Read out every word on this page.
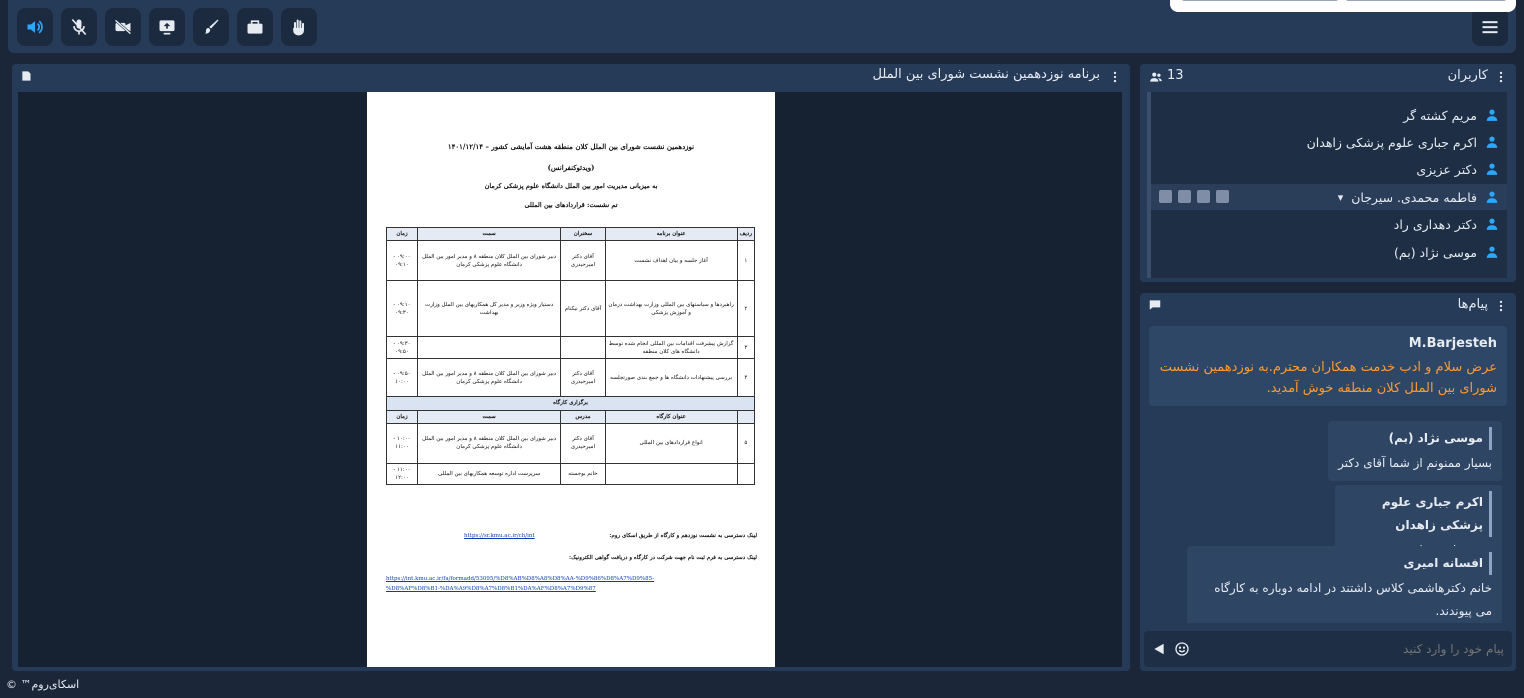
برنامه نوزدهمین نشست شورای بین الملل
نوزدهمین نشست شورای بین الملل کلان منطقه هشت آمایشی کشور – ۱۴۰۱/۱۲/۱۴
(ویدئوکنفرانس)
به میزبانی مدیریت امور بین الملل دانشگاه علوم پزشکی کرمان
تم نشست: قراردادهای بین المللی
ردیف	عنوان برنامه	سخنران	سمت	زمان
۱	آغاز جلسه و بیان اهداف نشست	آقای دکتر امیرحیدری	دبیر شورای بین الملل کلان منطقه ۸ و مدیر امور بین الملل دانشگاه علوم پزشکی کرمان	۰۹:۰۰ - ۰۹:۱۰
۲	راهبردها و سیاستهای بین المللی وزارت بهداشت درمان و آموزش پزشکی	آقای دکتر نیکنام	دستیار ویژه وزیر و مدیر کل همکاریهای بین الملل وزارت بهداشت	۰۹:۱۰ - ۰۹:۳۰
۳	گزارش پیشرفت اقدامات بین المللی انجام شده توسط دانشگاه های کلان منطقه			۰۹:۳۰ - ۰۹:۵۰
۴	بررسی پیشنهادات دانشگاه ها و جمع بندی صورتجلسه	آقای دکتر امیرحیدری	دبیر شورای بین الملل کلان منطقه ۸ و مدیر امور بین الملل دانشگاه علوم پزشکی کرمان	۰۹:۵۰ - ۱۰:۰۰
برگزاری کارگاه				
	عنوان کارگاه	مدرس	سمت	زمان
۵	انواع قراردادهای بین المللی	آقای دکتر امیرحیدری	دبیر شورای بین الملل کلان منطقه ۸ و مدیر امور بین الملل دانشگاه علوم پزشکی کرمان	۱۰:۰۰ - ۱۱:۰۰
		خانم بوجسته	سرپرست اداره توسعه همکاریهای بین المللی	۱۱:۰۰ - ۱۲:۰۰
لینک دسترسی به نشست نوزدهم و کارگاه از طریق اسکای روم:
https://sr.kmu.ac.ir/ch/int
لینک دسترسی به فرم ثبت نام جهت شرکت در کارگاه و دریافت گواهی الکترونیک:
https://int.kmu.ac.ir/fa/formadd/53095/%D8%AB%D8%A8%D8%AA-%D9%86%D8%A7%D9%85-
%D8%AF%D8%B1-%DA%A9%D8%A7%D8%B1%DA%AF%D8%A7%D9%87
13	کاربران
مریم کشته گر
اکرم جباری علوم پزشکی زاهدان
دکتر عزیزی
▾ فاطمه محمدی. سیرجان
دکتر دهداری راد
موسی نژاد (بم)
پیام‌ها
M.Barjesteh
عرض سلام و ادب خدمت همکاران محترم.به نوزدهمین نشست شورای بین الملل کلان منطقه خوش آمدید.
موسی نژاد (بم)
بسیار ممنونم از شما آقای دکتر
اکرم جباری علوم پزشکی زاهدان
افسانه امیری
خانم دکترهاشمی کلاس داشتند در ادامه دوباره به کارگاه می پیوندند.
پیام خود را وارد کنید
اسکای‌روم™ ©
